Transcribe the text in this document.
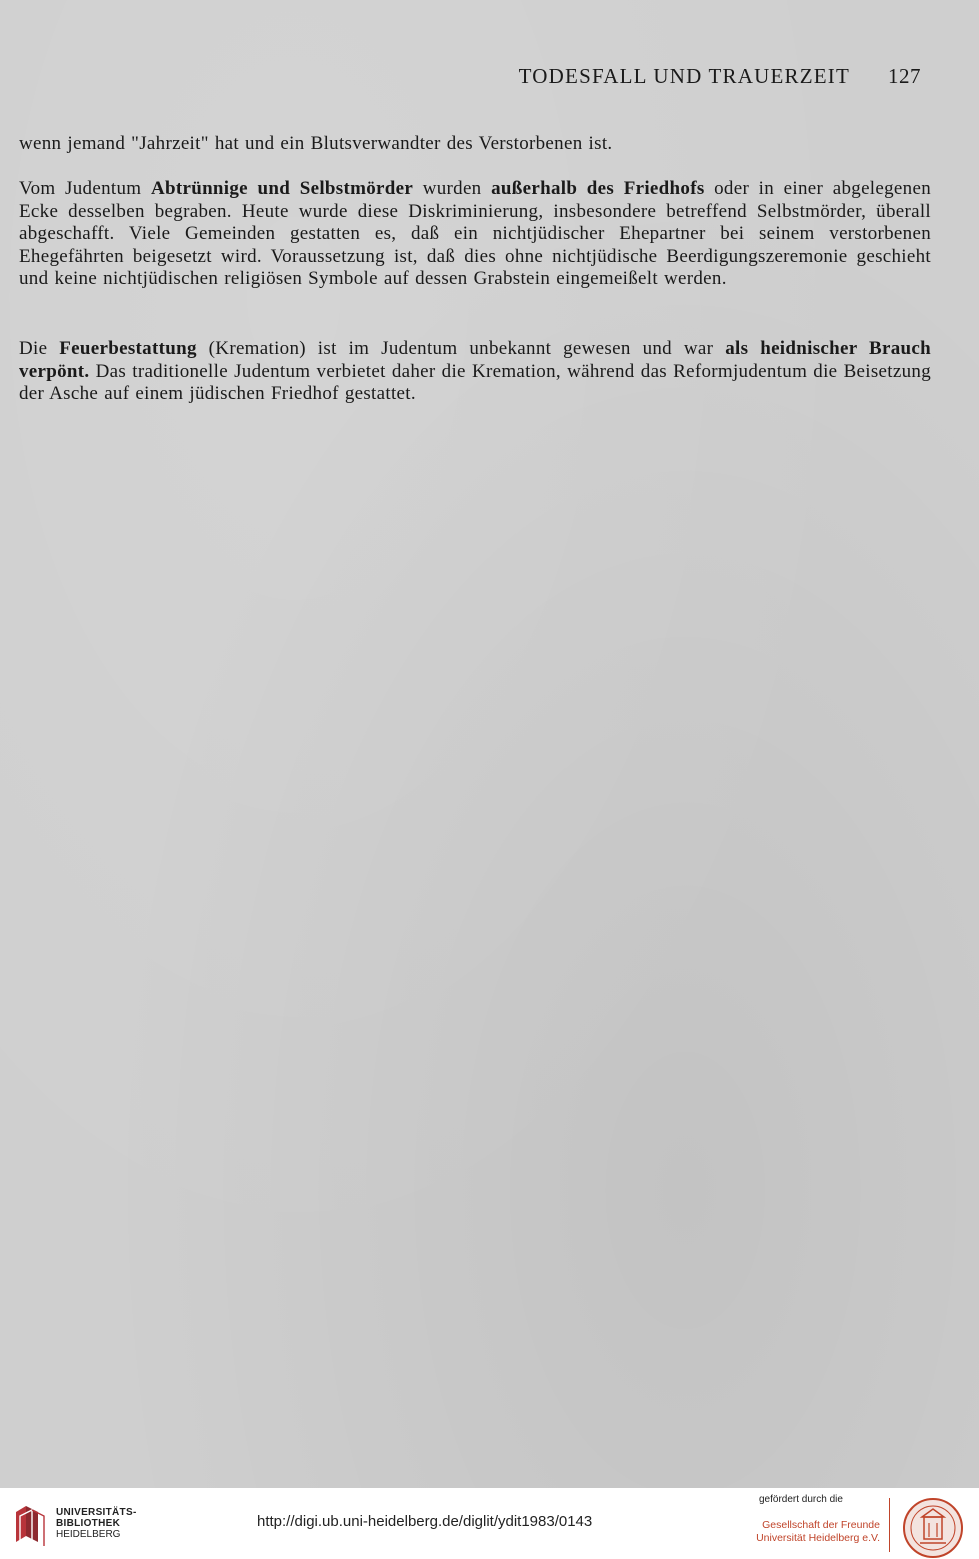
TODESFALL UND TRAUERZEIT 127

wenn jemand "Jahrzeit" hat und ein Blutsverwandter des Verstorbenen ist.

Vom Judentum Abtrünnige und Selbstmörder wurden außerhalb des Friedhofs oder in einer abgelegenen Ecke desselben begraben. Heute wurde diese Diskriminierung, insbesondere betreffend Selbstmörder, überall abgeschafft. Viele Gemeinden gestatten es, daß ein nichtjüdischer Ehepartner bei seinem verstorbenen Ehegefährten beigesetzt wird. Voraussetzung ist, daß dies ohne nichtjüdische Beerdigungszeremonie geschieht und keine nichtjüdischen religiösen Symbole auf dessen Grabstein eingemeißelt werden.

Die Feuerbestattung (Kremation) ist im Judentum unbekannt gewesen und war als heidnischer Brauch verpönt. Das traditionelle Judentum verbietet daher die Kremation, während das Reformjudentum die Beisetzung der Asche auf einem jüdischen Friedhof gestattet.

UNIVERSITÄTS-
BIBLIOTHEK
HEIDELBERG
http://digi.ub.uni-heidelberg.de/diglit/ydit1983/0143
gefördert durch die
Gesellschaft der Freunde
Universität Heidelberg e.V.
